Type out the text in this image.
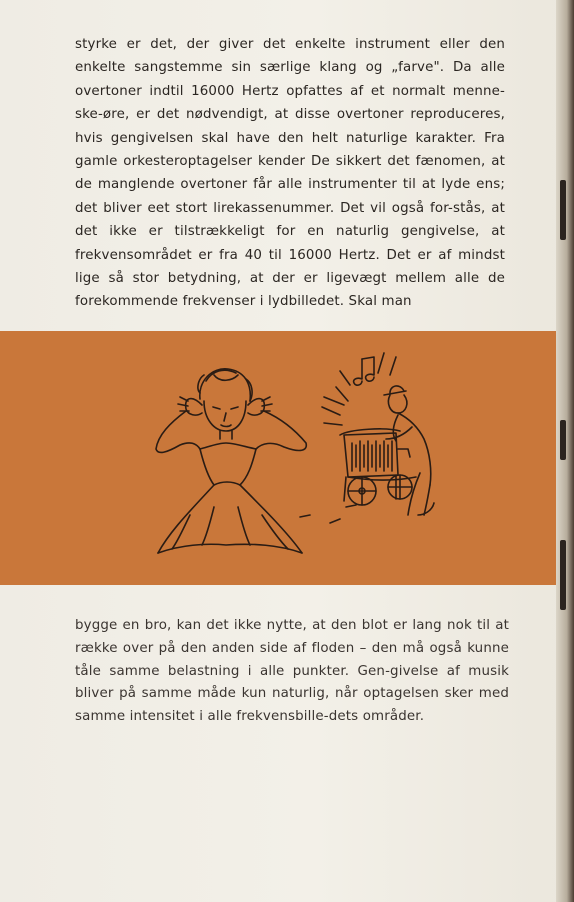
styrke er det, der giver det enkelte instrument eller den enkelte sangstemme sin særlige klang og „farve". Da alle overtoner indtil 16000 Hertz opfattes af et normalt menne-ske-øre, er det nødvendigt, at disse overtoner reproduceres, hvis gengivelsen skal have den helt naturlige karakter. Fra gamle orkesteroptagelser kender De sikkert det fænomen, at de manglende overtoner får alle instrumenter til at lyde ens; det bliver eet stort lirekassenummer. Det vil også for-stås, at det ikke er tilstrækkeligt for en naturlig gengivelse, at frekvensområdet er fra 40 til 16000 Hertz. Det er af mindst lige så stor betydning, at der er ligevægt mellem alle de forekommende frekvenser i lydbilledet. Skal man

bygge en bro, kan det ikke nytte, at den blot er lang nok til at række over på den anden side af floden – den må også kunne tåle samme belastning i alle punkter. Gen-givelse af musik bliver på samme måde kun naturlig, når optagelsen sker med samme intensitet i alle frekvensbille-dets områder.
